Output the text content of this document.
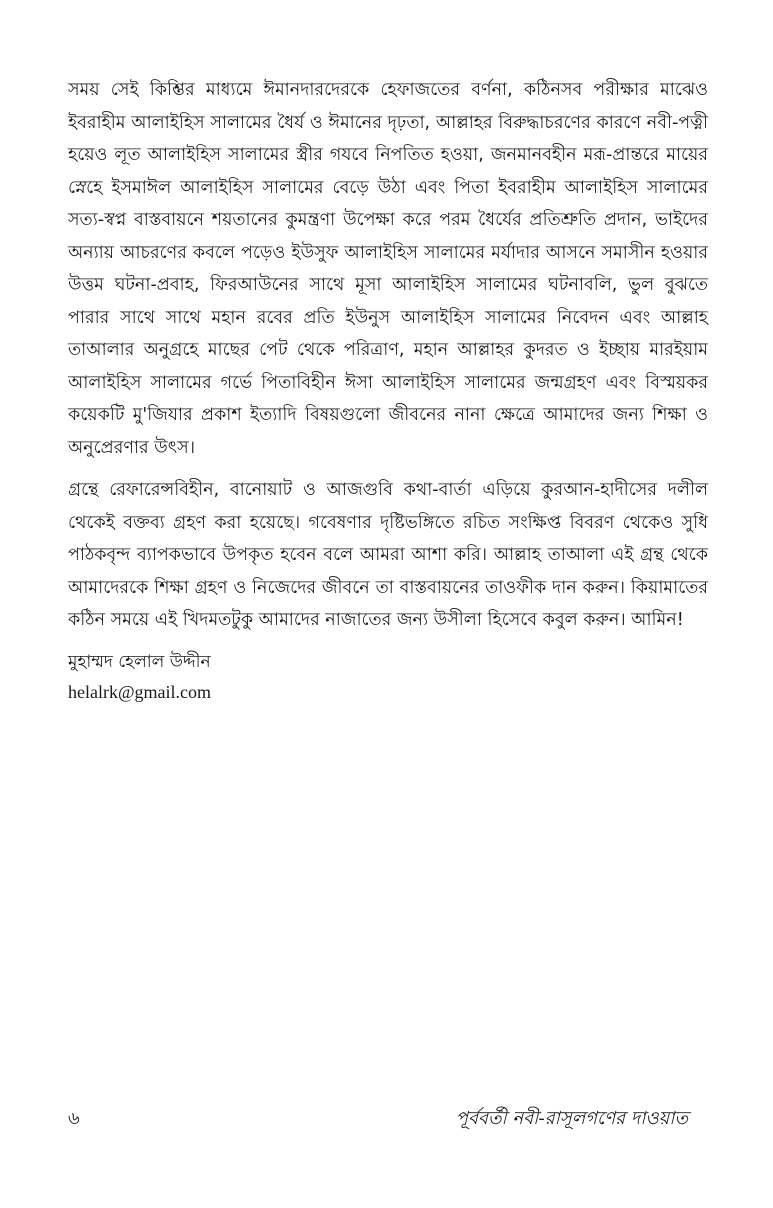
সময় সেই কিশ্তির মাধ্যমে ঈমানদারদেরকে হেফাজতের বর্ণনা, কঠিনসব পরীক্ষার মাঝেও ইবরাহীম আলাইহিস সালামের ধৈর্য ও ঈমানের দৃঢ়তা, আল্লাহর বিরুদ্ধাচরণের কারণে নবী-পত্নী হয়েও লূত আলাইহিস সালামের স্ত্রীর গযবে নিপতিত হওয়া, জনমানবহীন মরূ-প্রান্তরে মায়ের স্নেহে ইসমাঈল আলাইহিস সালামের বেড়ে উঠা এবং পিতা ইবরাহীম আলাইহিস সালামের সত্য-স্বপ্ন বাস্তবায়নে শয়তানের কুমন্ত্রণা উপেক্ষা করে পরম ধৈর্যের প্রতিশ্রুতি প্রদান, ভাইদের অন্যায় আচরণের কবলে পড়েও ইউসুফ আলাইহিস সালামের মর্যাদার আসনে সমাসীন হওয়ার উত্তম ঘটনা-প্রবাহ, ফিরআউনের সাথে মূসা আলাইহিস সালামের ঘটনাবলি, ভুল বুঝতে পারার সাথে সাথে মহান রবের প্রতি ইউনুস আলাইহিস সালামের নিবেদন এবং আল্লাহ তাআলার অনুগ্রহে মাছের পেট থেকে পরিত্রাণ, মহান আল্লাহর কুদরত ও ইচ্ছায় মারইয়াম আলাইহিস সালামের গর্ভে পিতাবিহীন ঈসা আলাইহিস সালামের জন্মগ্রহণ এবং বিস্ময়কর কয়েকটি মু'জিযার প্রকাশ ইত্যাদি বিষয়গুলো জীবনের নানা ক্ষেত্রে আমাদের জন্য শিক্ষা ও অনুপ্রেরণার উৎস।

গ্রন্থে রেফারেন্সবিহীন, বানোয়াট ও আজগুবি কথা-বার্তা এড়িয়ে কুরআন-হাদীসের দলীল থেকেই বক্তব্য গ্রহণ করা হয়েছে। গবেষণার দৃষ্টিভঙ্গিতে রচিত সংক্ষিপ্ত বিবরণ থেকেও সুধি পাঠকবৃন্দ ব্যাপকভাবে উপকৃত হবেন বলে আমরা আশা করি। আল্লাহ তাআলা এই গ্রন্থ থেকে আমাদেরকে শিক্ষা গ্রহণ ও নিজেদের জীবনে তা বাস্তবায়নের তাওফীক দান করুন। কিয়ামাতের কঠিন সময়ে এই খিদমতটুকু আমাদের নাজাতের জন্য উসীলা হিসেবে কবুল করুন। আমিন!

মুহাম্মদ হেলাল উদ্দীন
helalrk@gmail.com
৬	পূর্ববর্তী নবী-রাসূলগণের দাওয়াত
